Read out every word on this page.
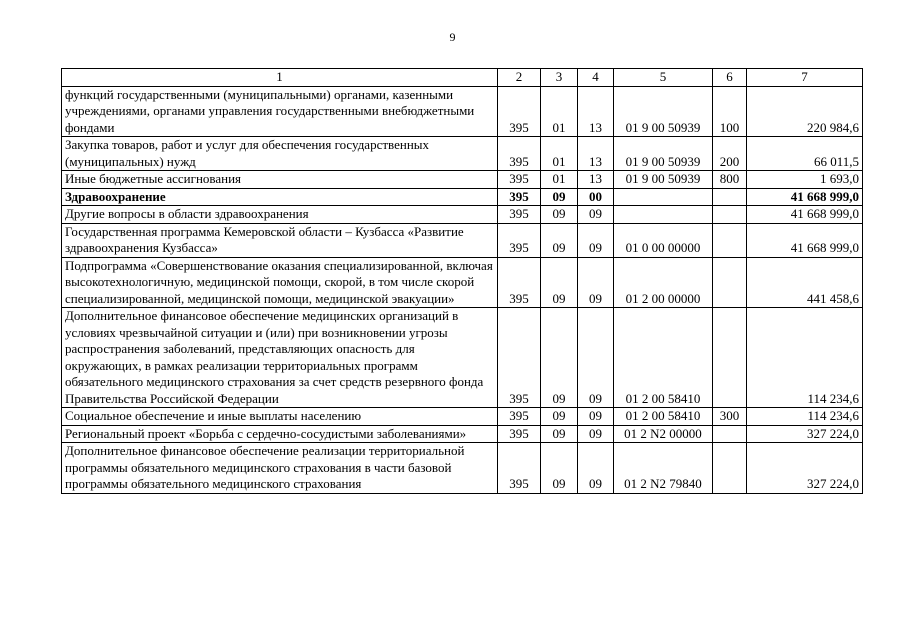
9
1	2	3	4	5	6	7
функций государственными (муниципальными) органами, казенными учреждениями, органами управления государственными внебюджетными фондами	395	01	13	01 9 00 50939	100	220 984,6
Закупка товаров, работ и услуг для обеспечения государственных (муниципальных) нужд	395	01	13	01 9 00 50939	200	66 011,5
Иные бюджетные ассигнования	395	01	13	01 9 00 50939	800	1 693,0
Здравоохранение	395	09	00			41 668 999,0
Другие вопросы в области здравоохранения	395	09	09			41 668 999,0
Государственная программа Кемеровской области – Кузбасса «Развитие здравоохранения Кузбасса»	395	09	09	01 0 00 00000		41 668 999,0
Подпрограмма «Совершенствование оказания специализированной, включая высокотехнологичную, медицинской помощи, скорой, в том числе скорой специализированной, медицинской помощи, медицинской эвакуации»	395	09	09	01 2 00 00000		441 458,6
Дополнительное финансовое обеспечение медицинских организаций в условиях чрезвычайной ситуации и (или) при возникновении угрозы распространения заболеваний, представляющих опасность для окружающих, в рамках реализации территориальных программ обязательного медицинского страхования за счет средств резервного фонда Правительства Российской Федерации	395	09	09	01 2 00 58410		114 234,6
Социальное обеспечение и иные выплаты населению	395	09	09	01 2 00 58410	300	114 234,6
Региональный проект «Борьба с сердечно-сосудистыми заболеваниями»	395	09	09	01 2 N2 00000		327 224,0
Дополнительное финансовое обеспечение реализации территориальной программы обязательного медицинского страхования в части базовой программы обязательного медицинского страхования	395	09	09	01 2 N2 79840		327 224,0
